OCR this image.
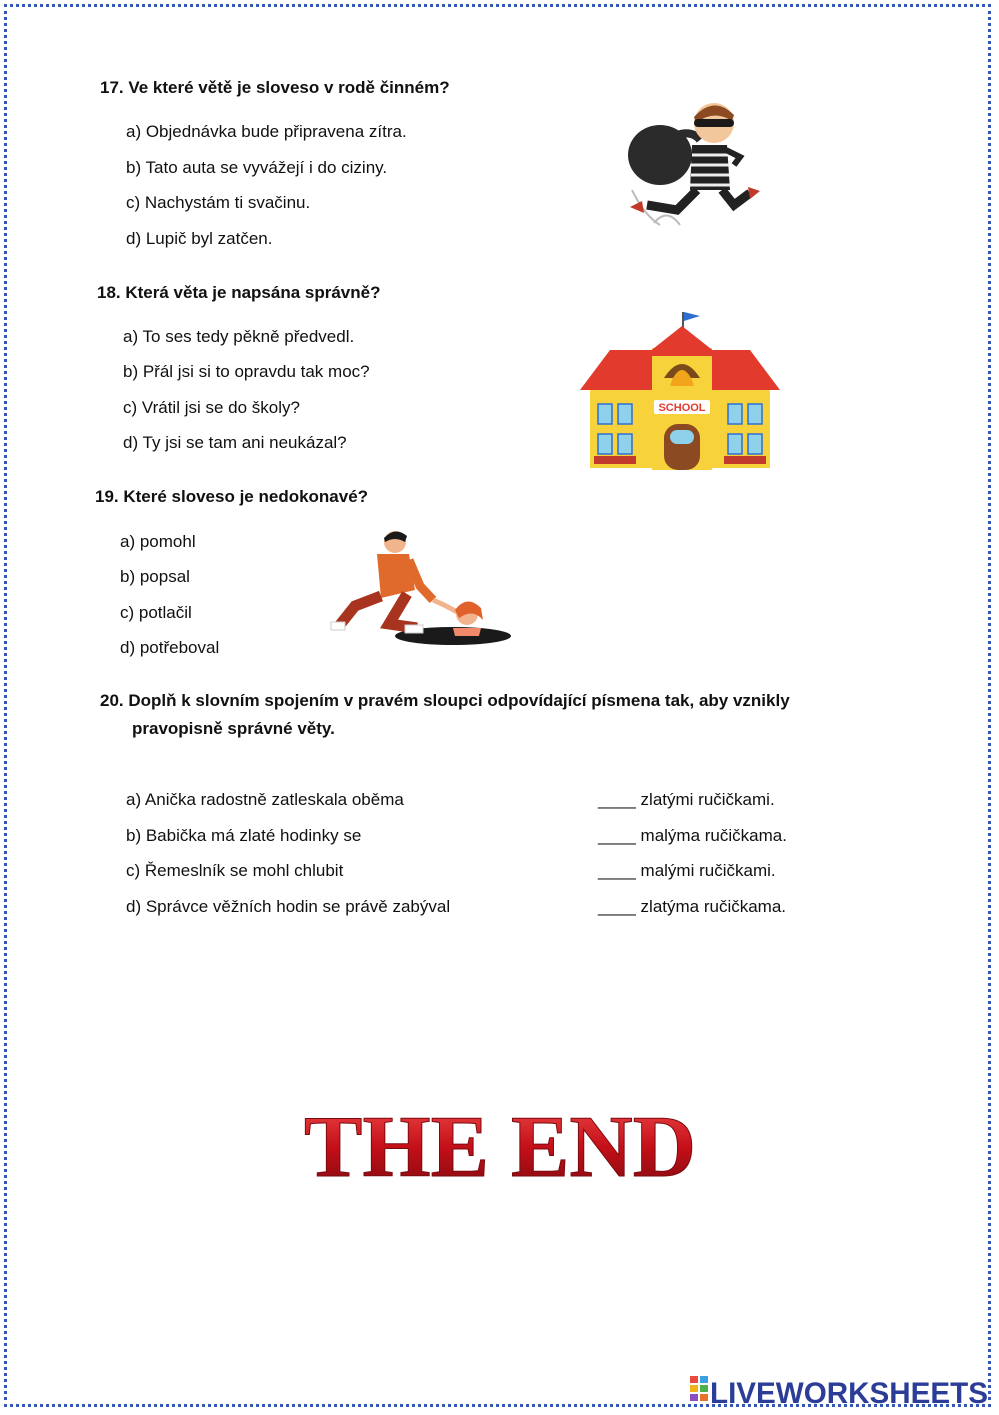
17. Ve které větě je sloveso v rodě činném?
a) Objednávka bude připravena zítra.
b) Tato auta se vyvážejí i do ciziny.
c) Nachystám ti svačinu.
d) Lupič byl zatčen.
18. Která věta je napsána správně?
a) To ses tedy pěkně předvedl.
b) Přál jsi si to opravdu tak moc?
c) Vrátil jsi se do školy?
d) Ty jsi se tam ani neukázal?
SCHOOL
19. Které sloveso je nedokonavé?
a) pomohl
b) popsal
c) potlačil
d) potřeboval
20. Doplň k slovním spojením v pravém sloupci odpovídající písmena tak, aby vznikly
pravopisně správné věty.
a) Anička radostně zatleskala oběma
b) Babička má zlaté hodinky se
c) Řemeslník se mohl chlubit
d) Správce věžních hodin se právě zabýval
____ zlatými ručičkami.
____ malýma ručičkama.
____ malými ručičkami.
____ zlatýma ručičkama.
THE END
LIVEWORKSHEETS
